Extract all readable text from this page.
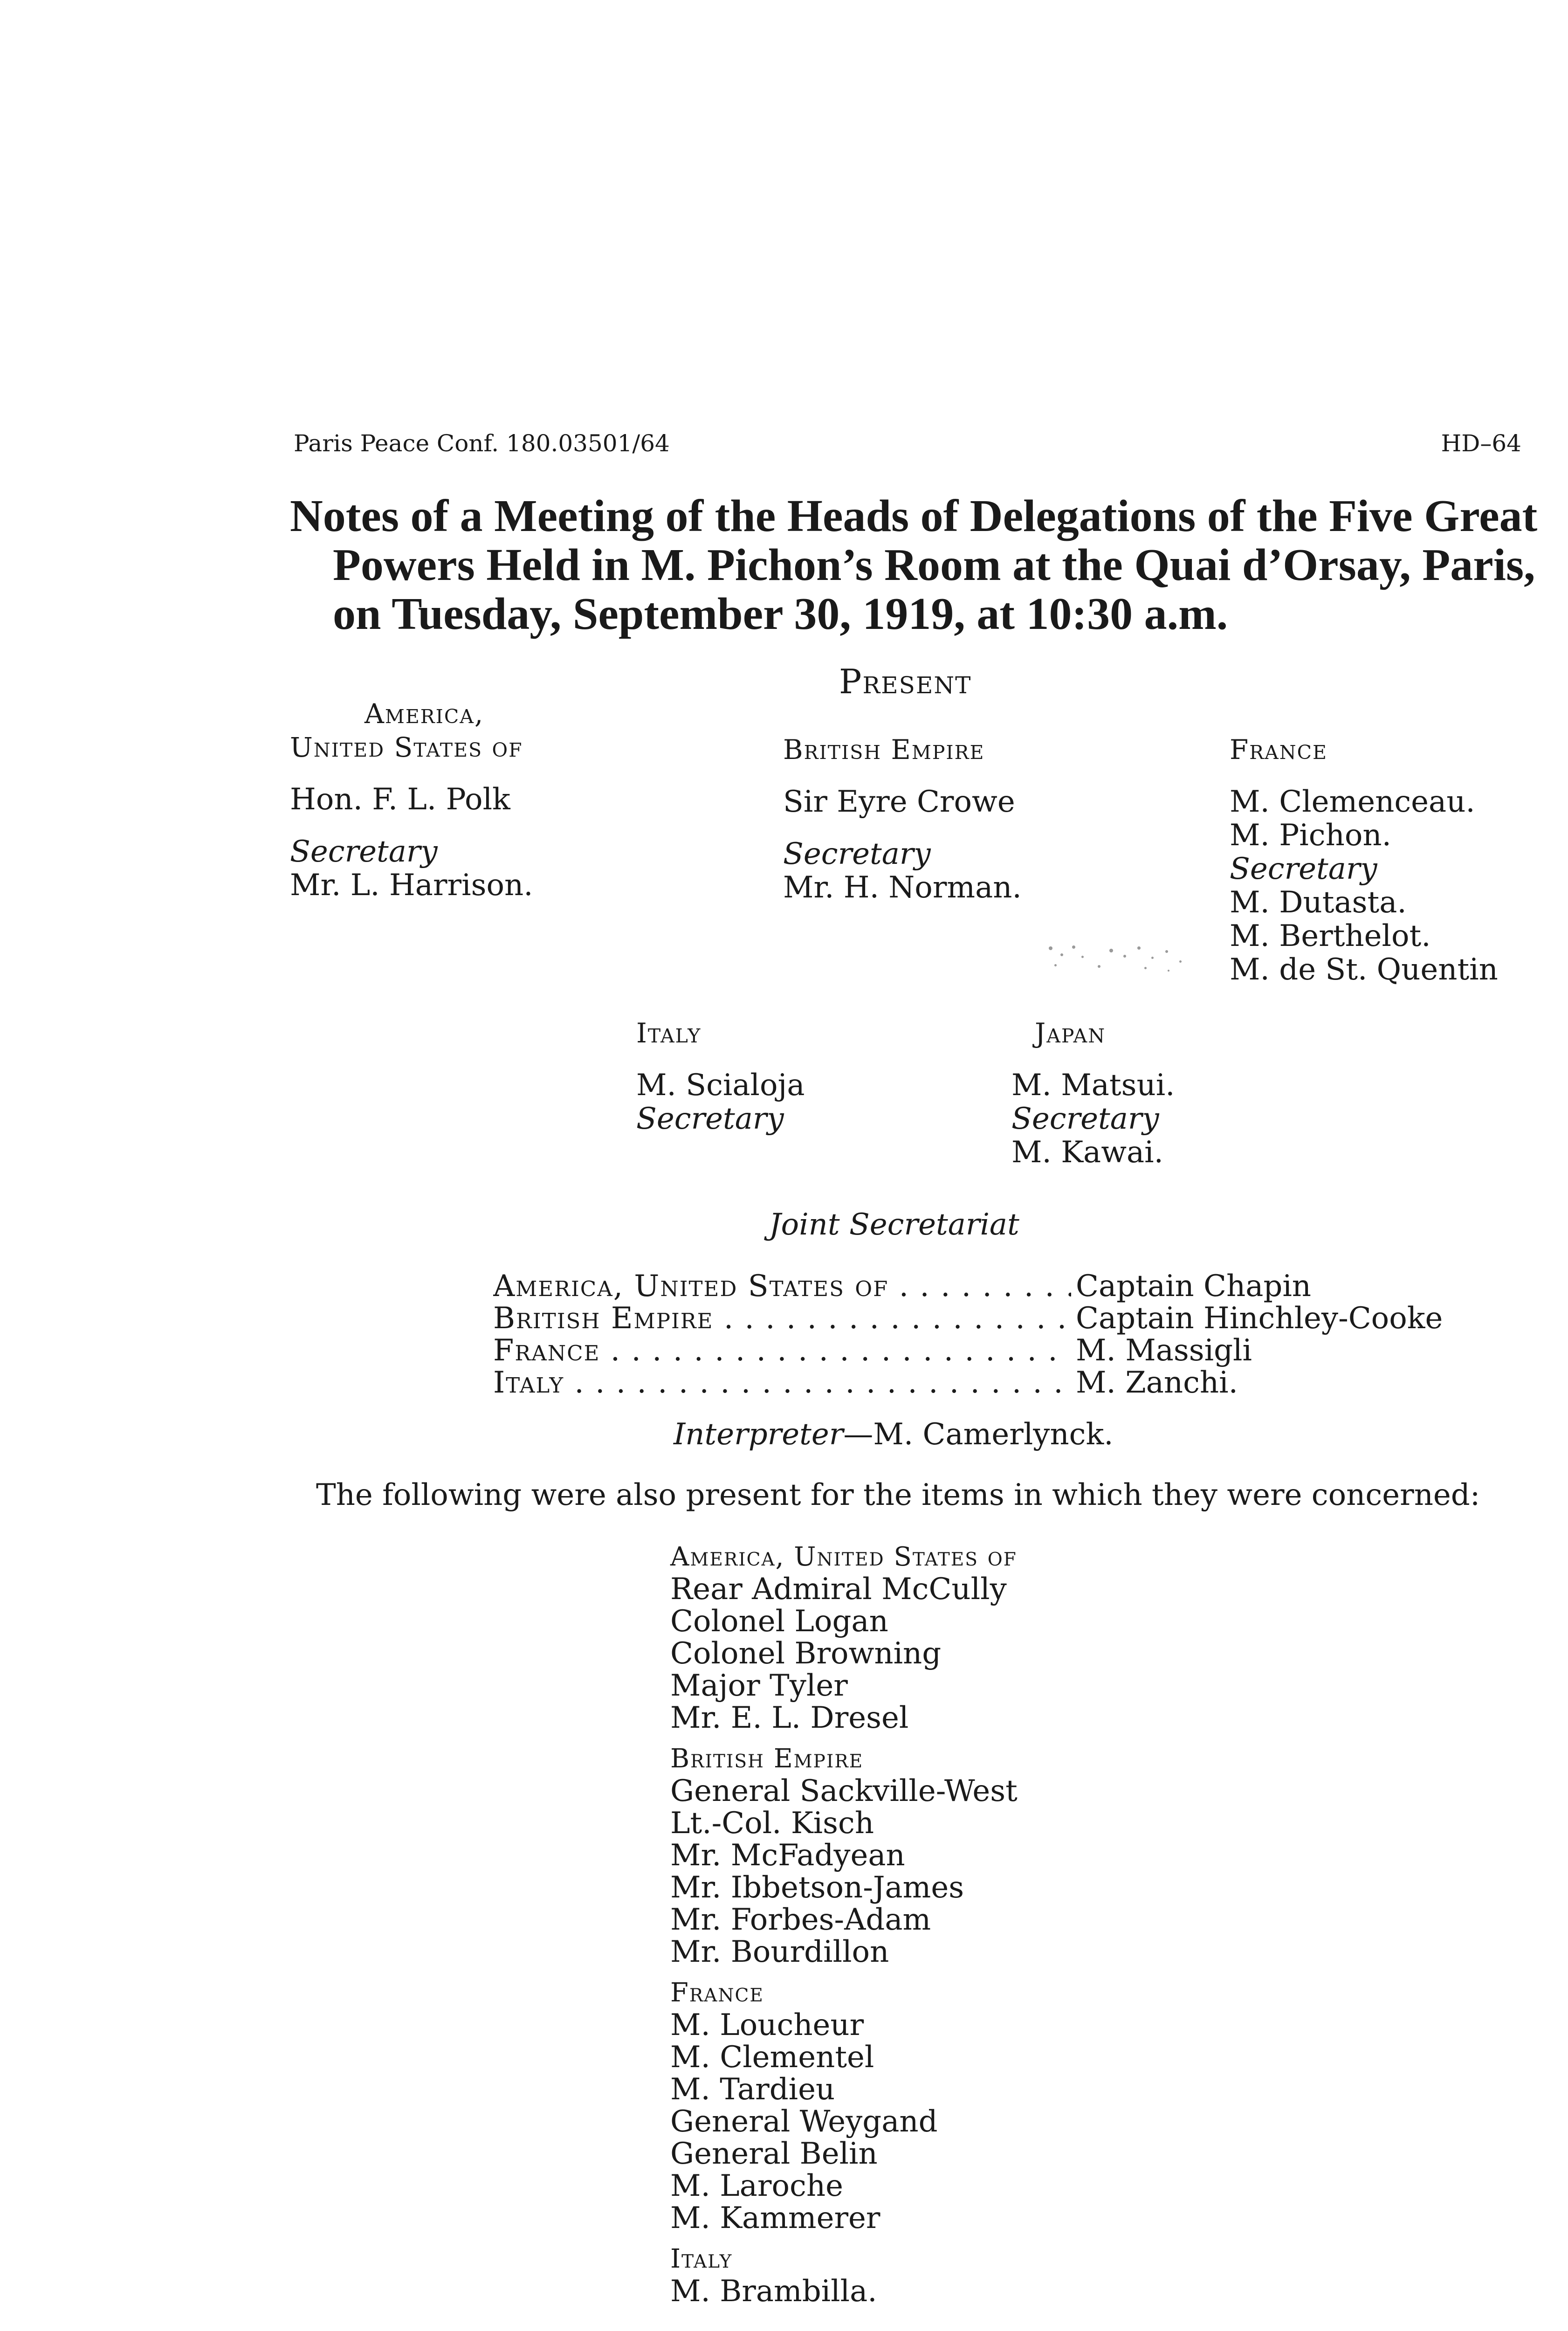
Paris Peace Conf. 180.03501/64	HD–64
Notes of a Meeting of the Heads of Delegations of the Five Great
Powers Held in M. Pichon’s Room at the Quai d’Orsay, Paris,
on Tuesday, September 30, 1919, at 10:30 a.m.
Present
America,
United States of
Hon. F. L. Polk
Secretary
Mr. L. Harrison.
British Empire
Sir Eyre Crowe
Secretary
Mr. H. Norman.
France
M. Clemenceau.
M. Pichon.
Secretary
M. Dutasta.
M. Berthelot.
M. de St. Quentin
Italy
M. Scialoja
Secretary
Japan
M. Matsui.
Secretary
M. Kawai.
Joint Secretariat
America, United States of . . .	Captain Chapin
British Empire . . .	Captain Hinchley-Cooke
France . . .	M. Massigli
Italy . . .	M. Zanchi.
Interpreter—M. Camerlynck.
The following were also present for the items in which they were concerned:
America, United States of
Rear Admiral McCully
Colonel Logan
Colonel Browning
Major Tyler
Mr. E. L. Dresel
British Empire
General Sackville-West
Lt.-Col. Kisch
Mr. McFadyean
Mr. Ibbetson-James
Mr. Forbes-Adam
Mr. Bourdillon
France
M. Loucheur
M. Clementel
M. Tardieu
General Weygand
General Belin
M. Laroche
M. Kammerer
Italy
M. Brambilla.
